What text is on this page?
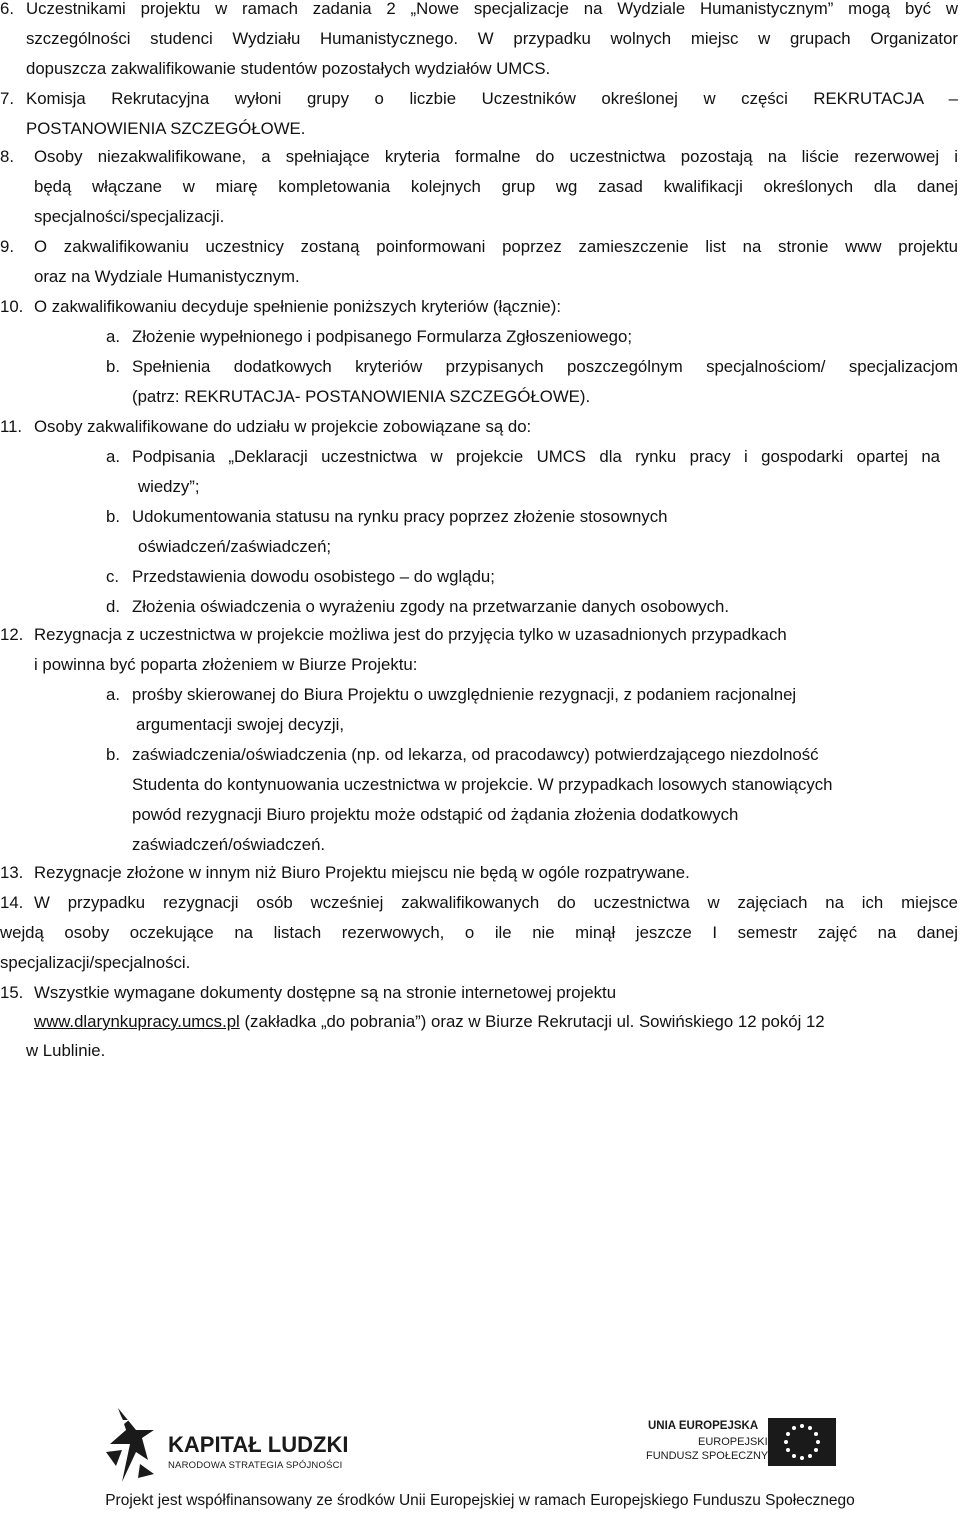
6. Uczestnikami projektu w ramach zadania 2 „Nowe specjalizacje na Wydziale Humanistycznym” mogą być w
szczególności studenci Wydziału Humanistycznego. W przypadku wolnych miejsc w grupach Organizator
dopuszcza zakwalifikowanie studentów pozostałych wydziałów UMCS.
7. Komisja Rekrutacyjna wyłoni grupy o liczbie Uczestników określonej w części REKRUTACJA –
POSTANOWIENIA SZCZEGÓŁOWE.
8. Osoby niezakwalifikowane, a spełniające kryteria formalne do uczestnictwa pozostają na liście rezerwowej i
będą włączane w miarę kompletowania kolejnych grup wg zasad kwalifikacji określonych dla danej
specjalności/specjalizacji.
9. O zakwalifikowaniu uczestnicy zostaną poinformowani poprzez zamieszczenie list na stronie www projektu
oraz na Wydziale Humanistycznym.
10. O zakwalifikowaniu decyduje spełnienie poniższych kryteriów (łącznie):
a. Złożenie wypełnionego i podpisanego Formularza Zgłoszeniowego;
b. Spełnienia dodatkowych kryteriów przypisanych poszczególnym specjalnościom/ specjalizacjom
(patrz: REKRUTACJA- POSTANOWIENIA SZCZEGÓŁOWE).
11. Osoby zakwalifikowane do udziału w projekcie zobowiązane są do:
a. Podpisania „Deklaracji uczestnictwa w projekcie UMCS dla rynku pracy i gospodarki opartej na
wiedzy”;
b. Udokumentowania statusu na rynku pracy poprzez złożenie stosownych
oświadczeń/zaświadczeń;
c. Przedstawienia dowodu osobistego – do wglądu;
d. Złożenia oświadczenia o wyrażeniu zgody na przetwarzanie danych osobowych.
12. Rezygnacja z uczestnictwa w projekcie możliwa jest do przyjęcia tylko w uzasadnionych przypadkach
i powinna być poparta złożeniem w Biurze Projektu:
a. prośby skierowanej do Biura Projektu o uwzględnienie rezygnacji, z podaniem racjonalnej
argumentacji swojej decyzji,
b. zaświadczenia/oświadczenia (np. od lekarza, od pracodawcy) potwierdzającego niezdolność
Studenta do kontynuowania uczestnictwa w projekcie. W przypadkach losowych stanowiących
powód rezygnacji Biuro projektu może odstąpić od żądania złożenia dodatkowych
zaświadczeń/oświadczeń.
13. Rezygnacje złożone w innym niż Biuro Projektu miejscu nie będą w ogóle rozpatrywane.
14. W przypadku rezygnacji osób wcześniej zakwalifikowanych do uczestnictwa w zajęciach na ich miejsce
wejdą osoby oczekujące na listach rezerwowych, o ile nie minął jeszcze I semestr zajęć na danej
specjalizacji/specjalności.
15. Wszystkie wymagane dokumenty dostępne są na stronie internetowej projektu
www.dlarynkupracy.umcs.pl (zakładka „do pobrania”) oraz w Biurze Rekrutacji ul. Sowińskiego 12 pokój 12
w Lublinie.
KAPITAŁ LUDZKI
NARODOWA STRATEGIA SPÓJNOŚCI
UNIA EUROPEJSKA
EUROPEJSKI
FUNDUSZ SPOŁECZNY
Projekt jest współfinansowany ze środków Unii Europejskiej w ramach Europejskiego Funduszu Społecznego
